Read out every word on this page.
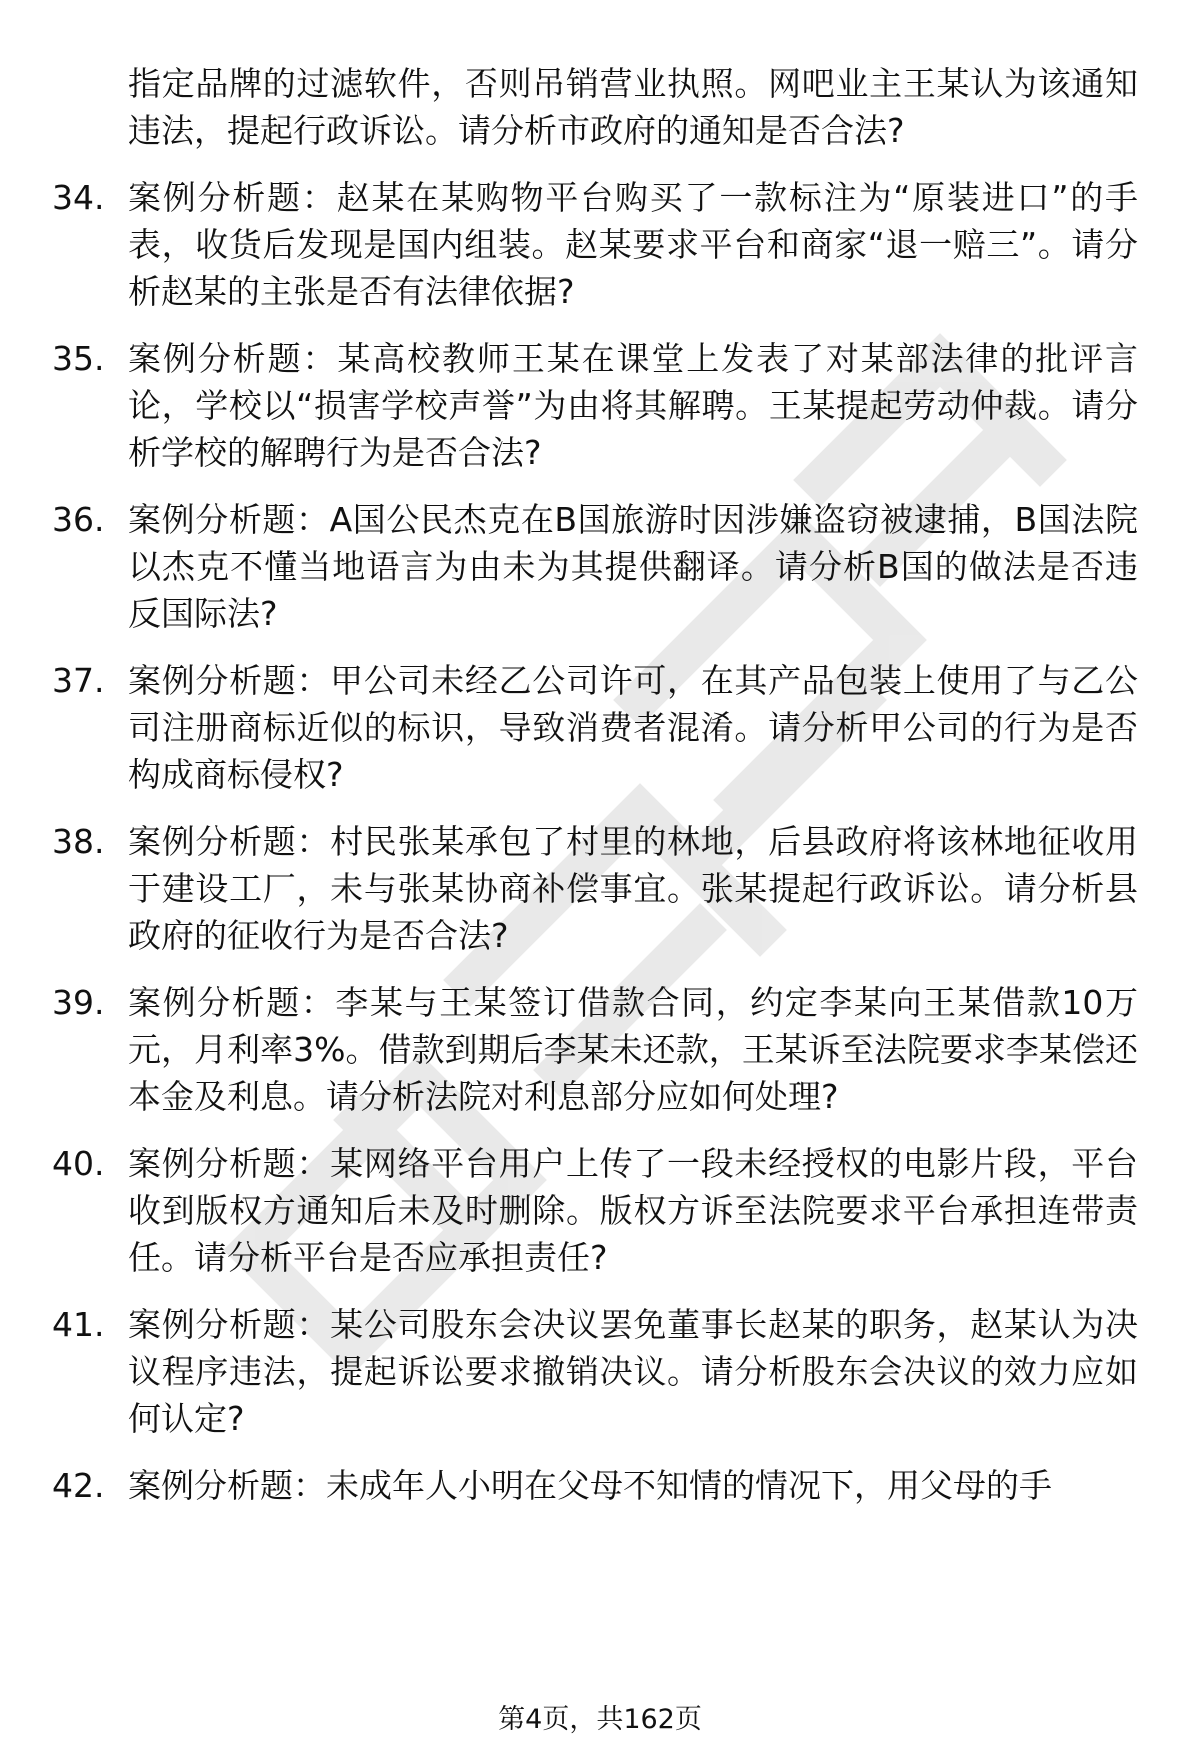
指定品牌的过滤软件，否则吊销营业执照。网吧业主王某认为该通知违法，提起行政诉讼。请分析市政府的通知是否合法?
34. 案例分析题：赵某在某购物平台购买了一款标注为“原装进口”的手表，收货后发现是国内组装。赵某要求平台和商家“退一赔三”。请分析赵某的主张是否有法律依据?
35. 案例分析题：某高校教师王某在课堂上发表了对某部法律的批评言论，学校以“损害学校声誉”为由将其解聘。王某提起劳动仲裁。请分析学校的解聘行为是否合法?
36. 案例分析题：A国公民杰克在B国旅游时因涉嫌盗窃被逮捕，B国法院以杰克不懂当地语言为由未为其提供翻译。请分析B国的做法是否违反国际法?
37. 案例分析题：甲公司未经乙公司许可，在其产品包装上使用了与乙公司注册商标近似的标识，导致消费者混淆。请分析甲公司的行为是否构成商标侵权?
38. 案例分析题：村民张某承包了村里的林地，后县政府将该林地征收用于建设工厂，未与张某协商补偿事宜。张某提起行政诉讼。请分析县政府的征收行为是否合法?
39. 案例分析题：李某与王某签订借款合同，约定李某向王某借款10万元，月利率3%。借款到期后李某未还款，王某诉至法院要求李某偿还本金及利息。请分析法院对利息部分应如何处理?
40. 案例分析题：某网络平台用户上传了一段未经授权的电影片段，平台收到版权方通知后未及时删除。版权方诉至法院要求平台承担连带责任。请分析平台是否应承担责任?
41. 案例分析题：某公司股东会决议罢免董事长赵某的职务，赵某认为决议程序违法，提起诉讼要求撤销决议。请分析股东会决议的效力应如何认定?
42. 案例分析题：未成年人小明在父母不知情的情况下，用父母的手
第4页，共162页
